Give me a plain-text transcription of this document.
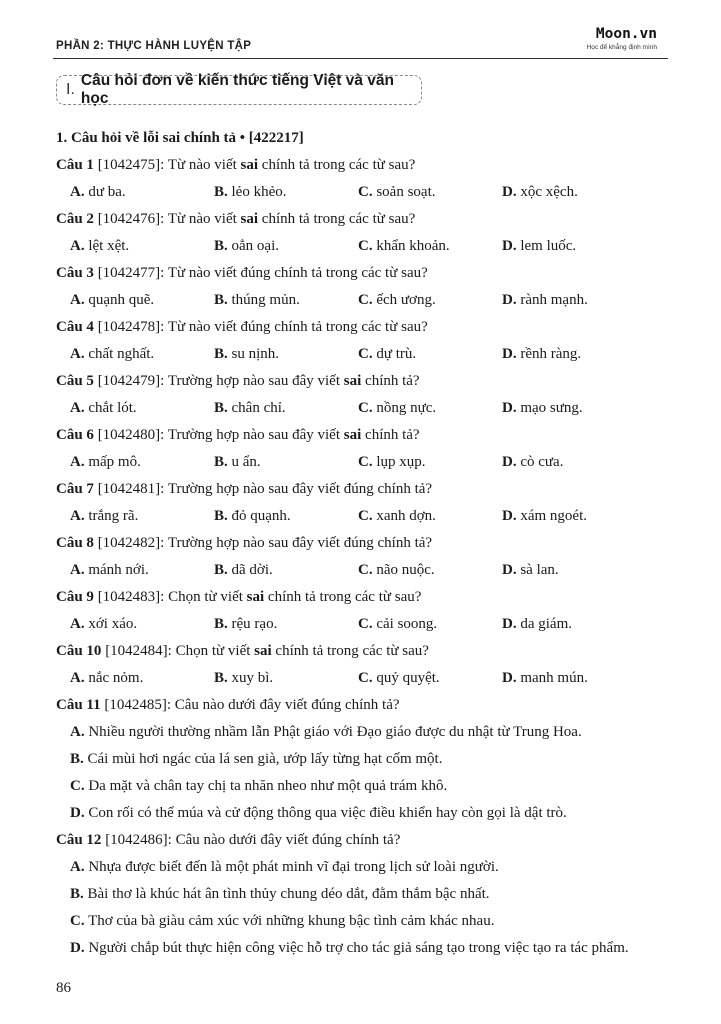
PHẦN 2: THỰC HÀNH LUYỆN TẬP
Moon.vn
Học để khẳng định mình
I.
Câu hỏi đơn về kiến thức tiếng Việt và văn học
1. Câu hỏi về lỗi sai chính tả • [422217]
Câu 1 [1042475]: Từ nào viết sai chính tả trong các từ sau?
A. dư ba.	B. lẻo khẻo.	C. soản soạt.	D. xộc xệch.
Câu 2 [1042476]: Từ nào viết sai chính tả trong các từ sau?
A. lệt xệt.	B. oẳn oại.	C. khẩn khoản.	D. lem luốc.
Câu 3 [1042477]: Từ nào viết đúng chính tả trong các từ sau?
A. quạnh quẽ.	B. thúng mủn.	C. ếch ương.	D. rành mạnh.
Câu 4 [1042478]: Từ nào viết đúng chính tả trong các từ sau?
A. chất nghất.	B. su nịnh.	C. dự trù.	D. rềnh ràng.
Câu 5 [1042479]: Trường hợp nào sau đây viết sai chính tả?
A. chắt lót.	B. chân chỉ.	C. nồng nực.	D. mạo sưng.
Câu 6 [1042480]: Trường hợp nào sau đây viết sai chính tả?
A. mấp mô.	B. u ẩn.	C. lụp xụp.	D. cò cưa.
Câu 7 [1042481]: Trường hợp nào sau đây viết đúng chính tả?
A. trắng rã.	B. đỏ quạnh.	C. xanh dợn.	D. xám ngoét.
Câu 8 [1042482]: Trường hợp nào sau đây viết đúng chính tả?
A. mánh nới.	B. dã dời.	C. não nuộc.	D. sà lan.
Câu 9 [1042483]: Chọn từ viết sai chính tả trong các từ sau?
A. xới xáo.	B. rệu rạo.	C. cải soong.	D. da giám.
Câu 10 [1042484]: Chọn từ viết sai chính tả trong các từ sau?
A. nắc nỏm.	B. xuy bì.	C. quỷ quyệt.	D. manh mún.
Câu 11 [1042485]: Câu nào dưới đây viết đúng chính tả?
A. Nhiều người thường nhầm lẫn Phật giáo với Đạo giáo được du nhật từ Trung Hoa.
B. Cái mùi hơi ngác của lá sen già, ướp lấy từng hạt cốm một.
C. Da mặt và chân tay chị ta nhăn nheo như một quả trám khô.
D. Con rối có thể múa và cử động thông qua việc điều khiển hay còn gọi là dật trò.
Câu 12 [1042486]: Câu nào dưới đây viết đúng chính tả?
A. Nhựa được biết đến là một phát minh vĩ đại trong lịch sử loài người.
B. Bài thơ là khúc hát ân tình thủy chung déo dắt, đằm thắm bậc nhất.
C. Thơ của bà giàu cảm xúc với những khung bậc tình cảm khác nhau.
D. Người chắp bút thực hiện công việc hỗ trợ cho tác giả sáng tạo trong việc tạo ra tác phẩm.
86
